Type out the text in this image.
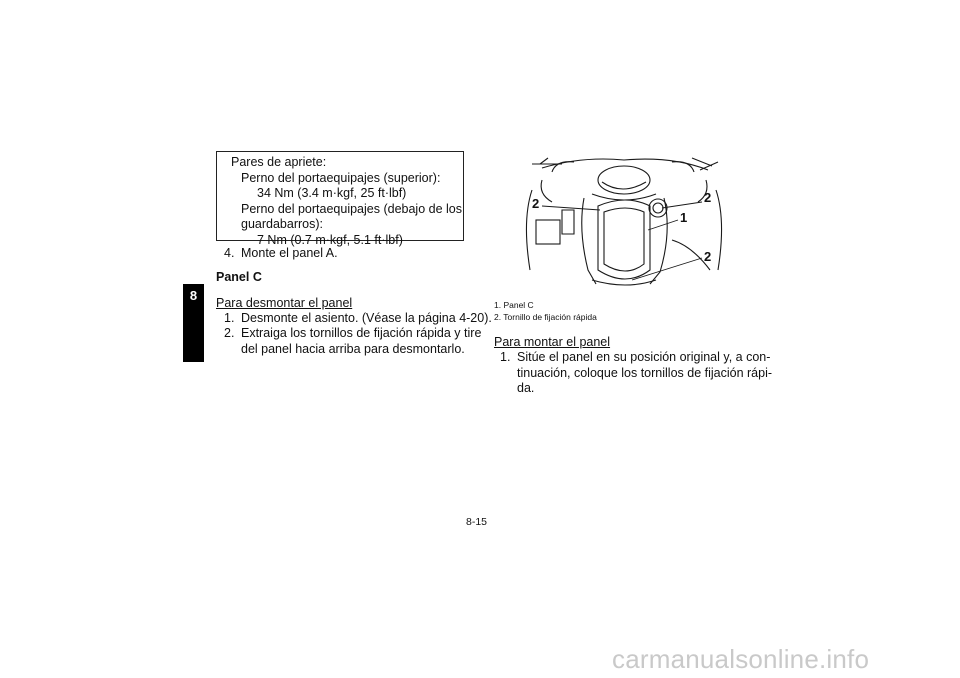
8
Pares de apriete:
Perno del portaequipajes (superior):
34 Nm (3.4 m·kgf, 25 ft·lbf)
Perno del portaequipajes (debajo de los
guardabarros):
7 Nm (0.7 m·kgf, 5.1 ft·lbf)
4. Monte el panel A.
Panel C
Para desmontar el panel
1. Desmonte el asiento. (Véase la página 4-20).
2. Extraiga los tornillos de fijación rápida y tire
del panel hacia arriba para desmontarlo.
2	2
1
2
1. Panel C
2. Tornillo de fijación rápida
Para montar el panel
1. Sitúe el panel en su posición original y, a con-
tinuación, coloque los tornillos de fijación rápi-
da.
8-15
carmanualsonline.info
